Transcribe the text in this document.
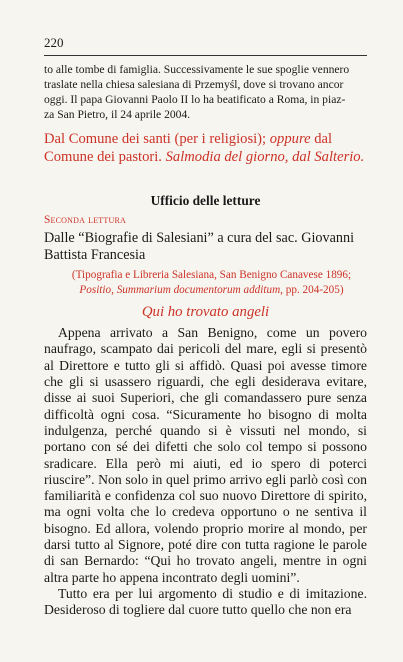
220
to alle tombe di famiglia. Successivamente le sue spoglie vennero
traslate nella chiesa salesiana di Przemyśl, dove si trovano ancor
oggi. Il papa Giovanni Paolo II lo ha beatificato a Roma, in piaz-
za San Pietro, il 24 aprile 2004.
Dal Comune dei santi (per i religiosi); oppure dal Comune dei pastori. Salmodia del giorno, dal Salterio.
Ufficio delle letture
Seconda lettura
Dalle “Biografie di Salesiani” a cura del sac. Giovanni
Battista Francesia
(Tipografia e Libreria Salesiana, San Benigno Canavese 1896;
Positio, Summarium documentorum additum, pp. 204-205)
Qui ho trovato angeli

Appena arrivato a San Benigno, come un povero naufrago, scampato dai pericoli del mare, egli si presentò al Direttore e tutto gli si affidò. Quasi poi avesse timore che gli si usassero riguardi, che egli desiderava evitare, disse ai suoi Superiori, che gli comandassero pure senza difficoltà ogni cosa. “Sicuramente ho bisogno di molta indulgenza, perché quando si è vissuti nel mondo, si portano con sé dei difetti che solo col tempo si possono sradicare. Ella però mi aiuti, ed io spero di poterci riuscire”. Non solo in quel primo arrivo egli parlò così con familiarità e confidenza col suo nuovo Direttore di spirito, ma ogni volta che lo credeva opportuno o ne sentiva il bisogno. Ed allora, volendo proprio morire al mondo, per darsi tutto al Signore, poté dire con tutta ragione le parole di san Bernardo: “Qui ho trovato angeli, mentre in ogni altra parte ho appena incontrato degli uomini”.

Tutto era per lui argomento di studio e di imitazione. Desideroso di togliere dal cuore tutto quello che non era
